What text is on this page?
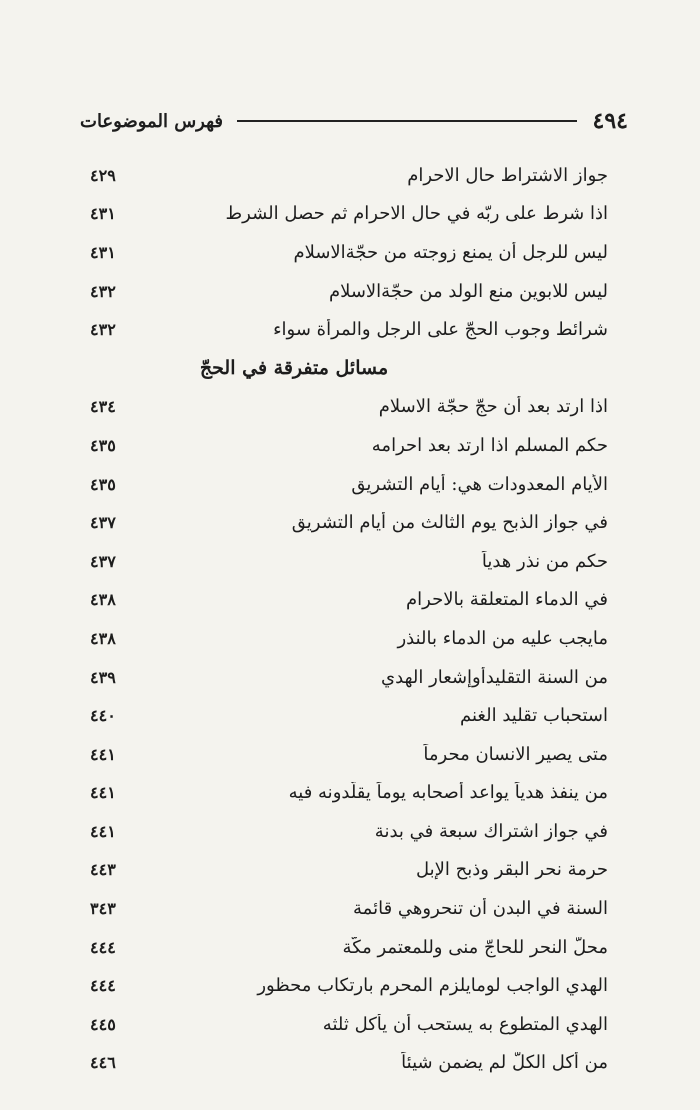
٤٩٤
فهرس الموضوعات
جواز الاشتراط حال الاحرام
٤٢٩
اذا شرط على ربّه في حال الاحرام ثم حصل الشرط
٤٣١
ليس للرجل أن يمنع زوجته من حجّةالاسلام
٤٣١
ليس للابوين منع الولد من حجّةالاسلام
٤٣٢
شرائط وجوب الحجّ على الرجل والمرأة سواء
٤٣٢
مسائل متفرقة في الحجّ
اذا ارتد بعد أن حجّ حجّة الاسلام
٤٣٤
حكم المسلم اذا ارتد بعد احرامه
٤٣٥
الأيام المعدودات هي: أيام التشريق
٤٣٥
في جواز الذبح يوم الثالث من أيام التشريق
٤٣٧
حكم من نذر هدياً
٤٣٧
في الدماء المتعلقة بالاحرام
٤٣٨
مايجب عليه من الدماء بالنذر
٤٣٨
من السنة التقليدأوإشعار الهدي
٤٣٩
استحباب تقليد الغنم
٤٤٠
متى يصير الانسان محرماً
٤٤١
من ينفذ هدياً يواعد أصحابه يوماً يقلّدونه فيه
٤٤١
في جواز اشتراك سبعة في بدنة
٤٤١
حرمة نحر البقر وذبح الإبل
٤٤٣
السنة في البدن أن تنحروهي قائمة
٣٤٣
محلّ النحر للحاجّ منى وللمعتمر مكّة
٤٤٤
الهدي الواجب لومايلزم المحرم بارتكاب محظور
٤٤٤
الهدي المتطوع به يستحب أن يأكل ثلثه
٤٤٥
من أكل الكلّ لم يضمن شيئاً
٤٤٦
